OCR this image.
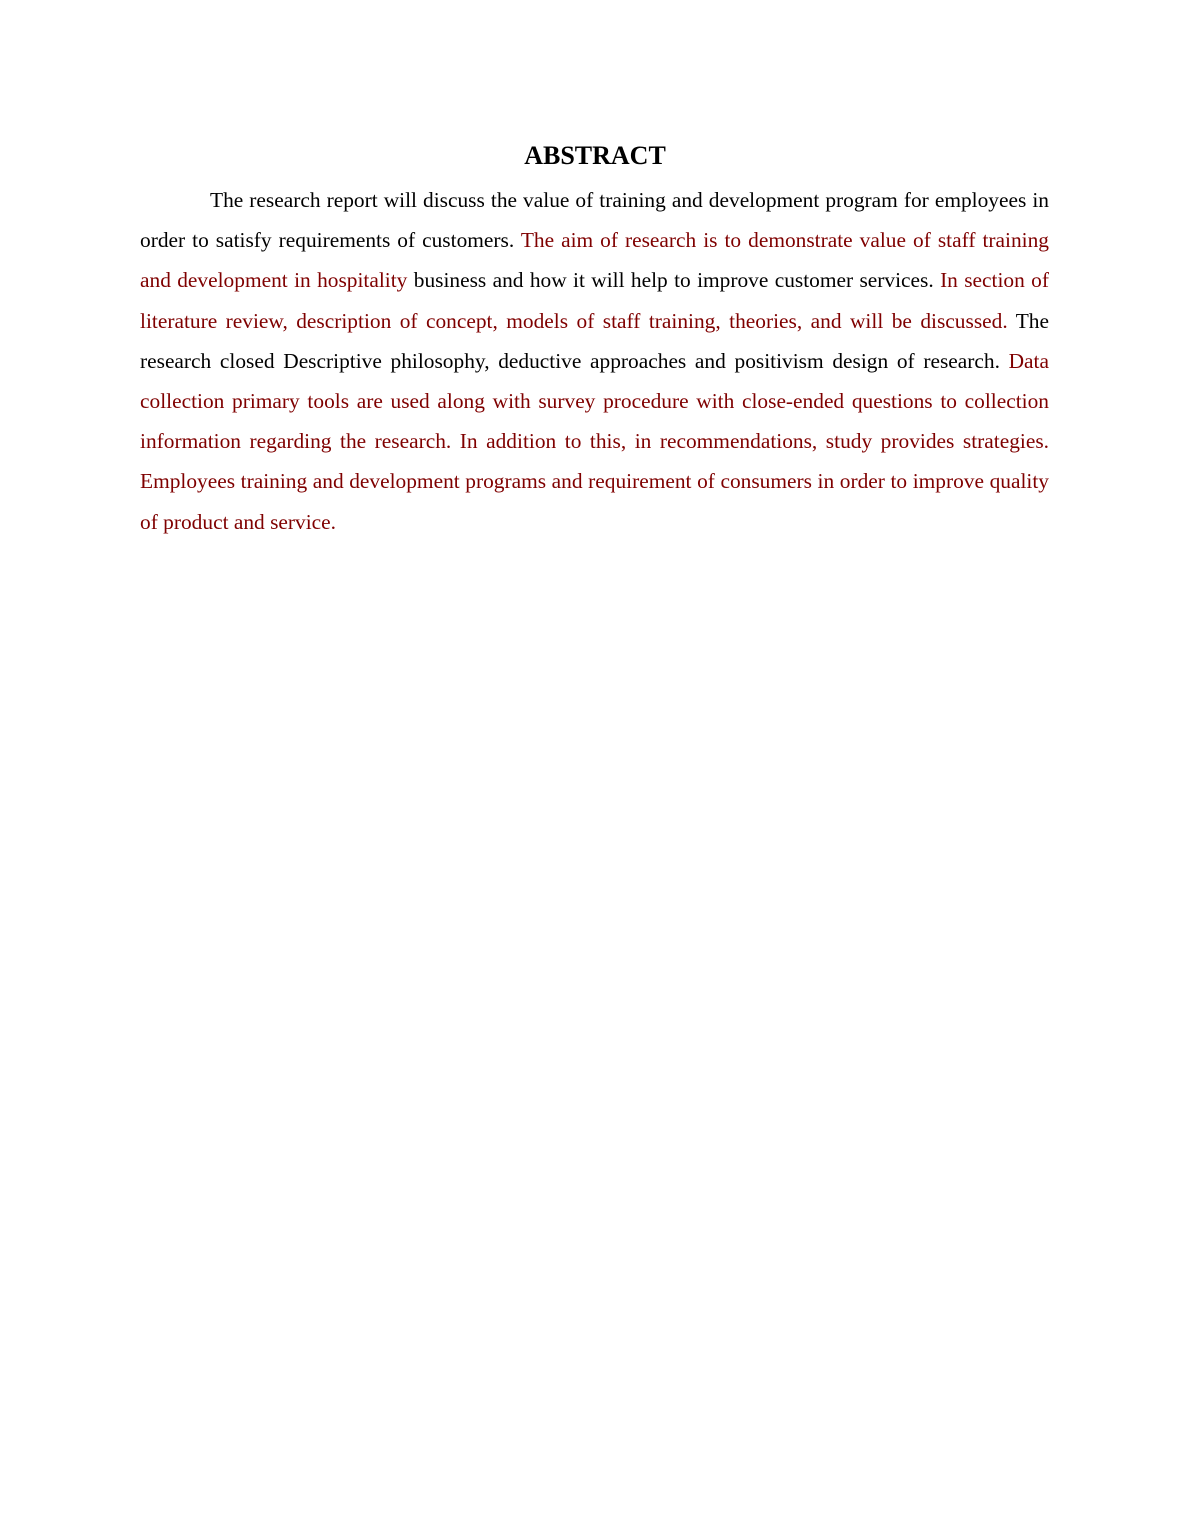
ABSTRACT

The research report will discuss the value of training and development program for employees in order to satisfy requirements of customers. The aim of research is to demonstrate value of staff training and development in hospitality business and how it will help to improve customer services. In section of literature review, description of concept, models of staff training, theories, and will be discussed. The research closed Descriptive philosophy, deductive approaches and positivism design of research. Data collection primary tools are used along with survey procedure with close-ended questions to collection information regarding the research. In addition to this, in recommendations, study provides strategies. Employees training and development programs and requirement of consumers in order to improve quality of product and service.
